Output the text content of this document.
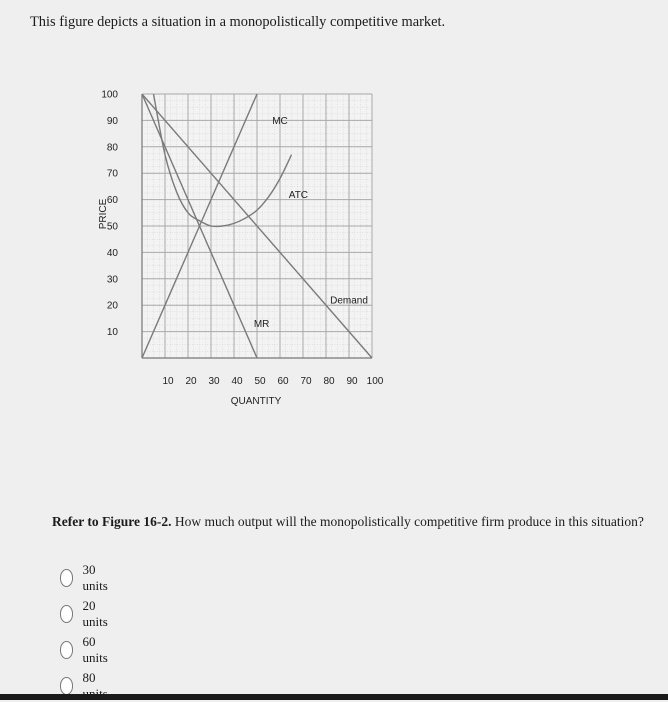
This figure depicts a situation in a monopolistically competitive market.
10
20
30
40
50
60
70
80
90
100
10 20 30 40 50 60 70 80 90 100
MC
ATC
Demand
MR
PRICE
QUANTITY
Refer to Figure 16-2. How much output will the monopolistically competitive firm produce in this situation?
30 units
20 units
60 units
80
